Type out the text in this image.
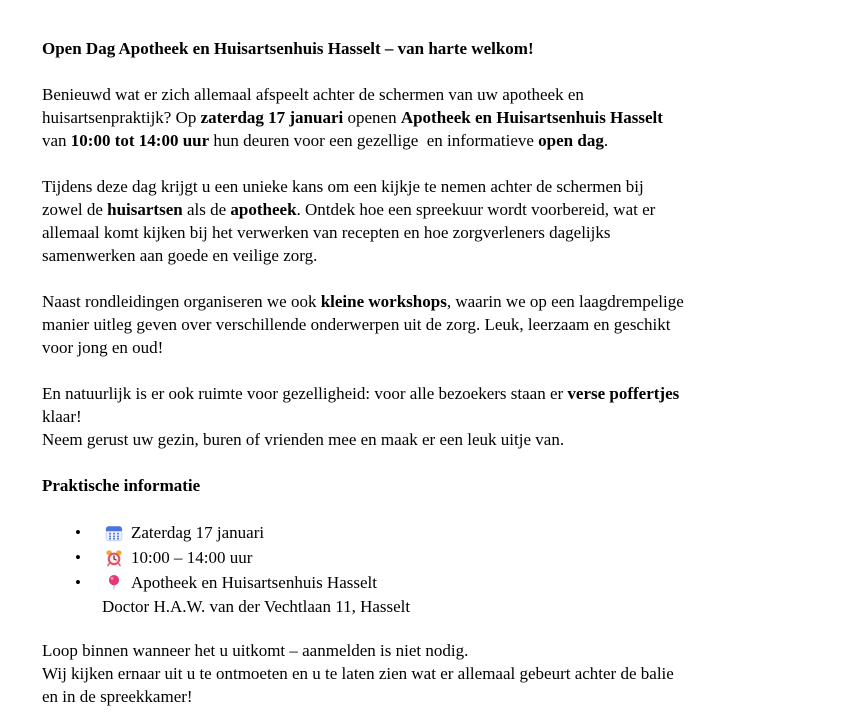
Open Dag Apotheek en Huisartsenhuis Hasselt – van harte welkom!

Benieuwd wat er zich allemaal afspeelt achter de schermen van uw apotheek en
huisartsenpraktijk? Op zaterdag 17 januari openen Apotheek en Huisartsenhuis Hasselt
van 10:00 tot 14:00 uur hun deuren voor een gezellige  en informatieve open dag.

Tijdens deze dag krijgt u een unieke kans om een kijkje te nemen achter de schermen bij
zowel de huisartsen als de apotheek. Ontdek hoe een spreekuur wordt voorbereid, wat er
allemaal komt kijken bij het verwerken van recepten en hoe zorgverleners dagelijks
samenwerken aan goede en veilige zorg.

Naast rondleidingen organiseren we ook kleine workshops, waarin we op een laagdrempelige
manier uitleg geven over verschillende onderwerpen uit de zorg. Leuk, leerzaam en geschikt
voor jong en oud!

En natuurlijk is er ook ruimte voor gezelligheid: voor alle bezoekers staan er verse poffertjes
klaar!
Neem gerust uw gezin, buren of vrienden mee en maak er een leuk uitje van.

Praktische informatie
•
Zaterdag 17 januari
•
10:00 – 14:00 uur
•
Apotheek en Huisartsenhuis Hasselt
Doctor H.A.W. van der Vechtlaan 11, Hasselt

Loop binnen wanneer het u uitkomt – aanmelden is niet nodig.
Wij kijken ernaar uit u te ontmoeten en u te laten zien wat er allemaal gebeurt achter de balie
en in de spreekkamer!
